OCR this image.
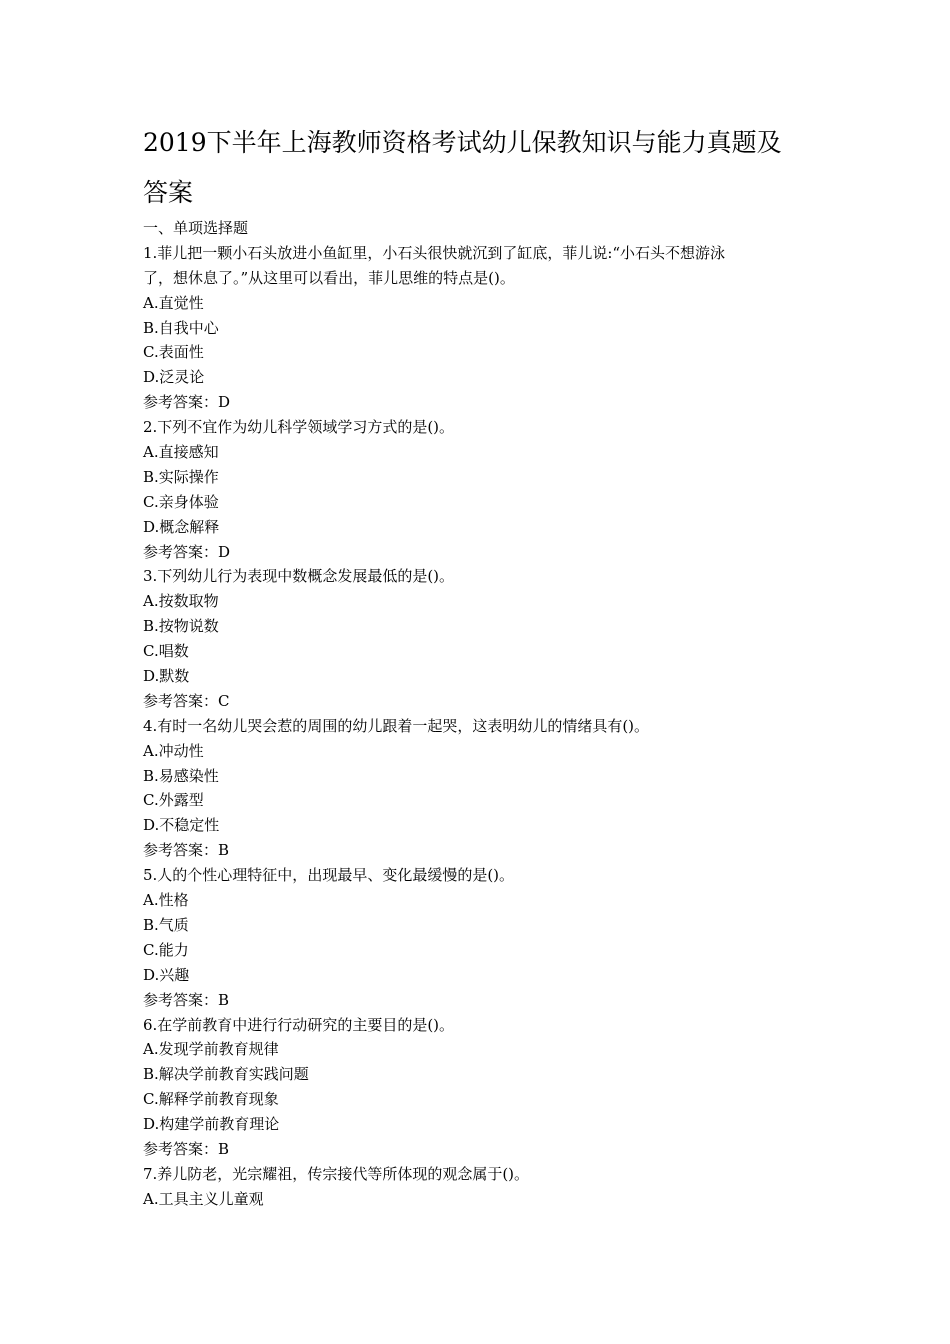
2019下半年上海教师资格考试幼儿保教知识与能力真题及
答案
一、单项选择题
1.菲儿把一颗小石头放进小鱼缸里，小石头很快就沉到了缸底，菲儿说:“小石头不想游泳
了，想休息了。”从这里可以看出，菲儿思维的特点是()。
A.直觉性
B.自我中心
C.表面性
D.泛灵论
参考答案：D
2.下列不宜作为幼儿科学领域学习方式的是()。
A.直接感知
B.实际操作
C.亲身体验
D.概念解释
参考答案：D
3.下列幼儿行为表现中数概念发展最低的是()。
A.按数取物
B.按物说数
C.唱数
D.默数
参考答案：C
4.有时一名幼儿哭会惹的周围的幼儿跟着一起哭，这表明幼儿的情绪具有()。
A.冲动性
B.易感染性
C.外露型
D.不稳定性
参考答案：B
5.人的个性心理特征中，出现最早、变化最缓慢的是()。
A.性格
B.气质
C.能力
D.兴趣
参考答案：B
6.在学前教育中进行行动研究的主要目的是()。
A.发现学前教育规律
B.解决学前教育实践问题
C.解释学前教育现象
D.构建学前教育理论
参考答案：B
7.养儿防老，光宗耀祖，传宗接代等所体现的观念属于()。
A.工具主义儿童观
